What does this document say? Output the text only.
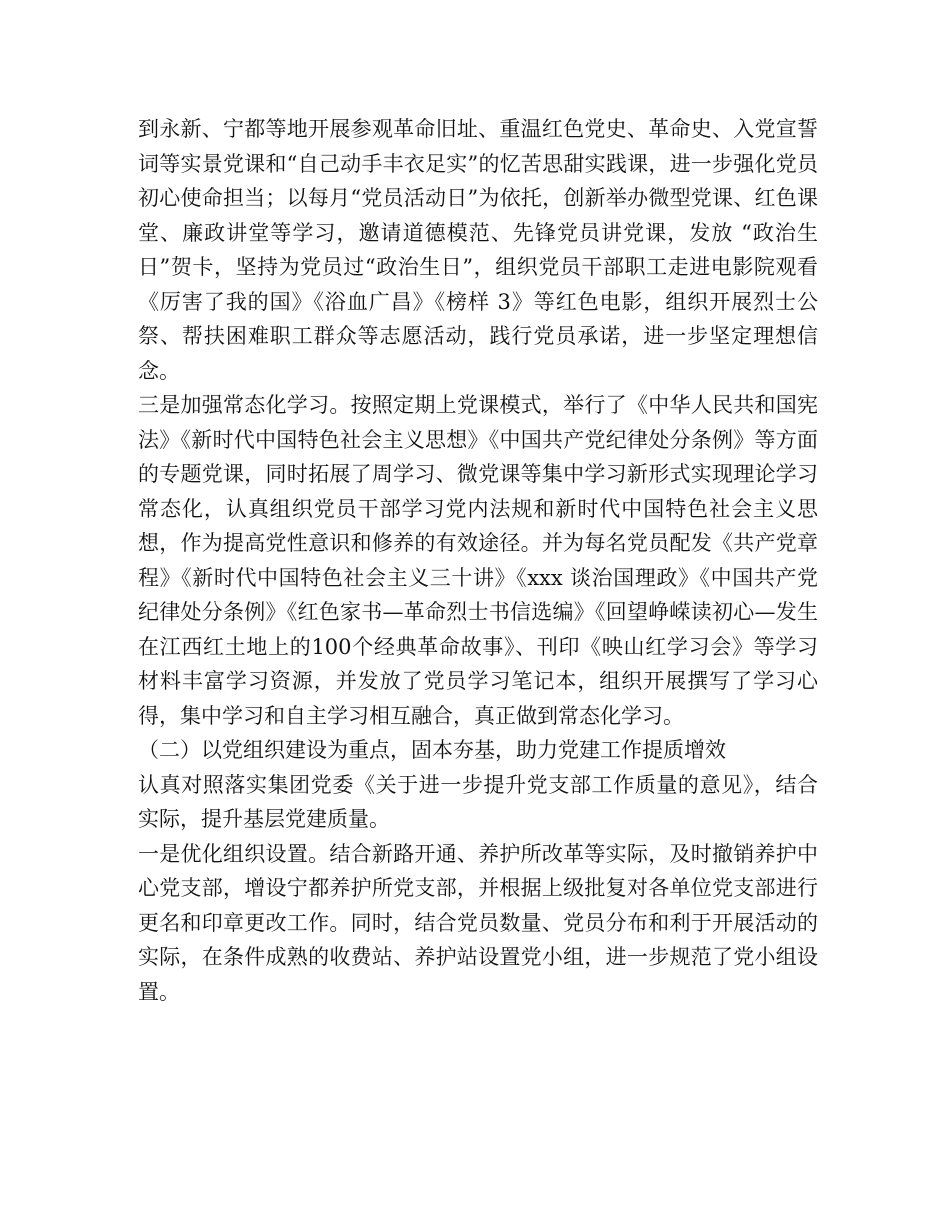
到永新、宁都等地开展参观革命旧址、重温红色党史、革命史、入党宣誓词等实景党课和“自己动手丰衣足实”的忆苦思甜实践课，进一步强化党员初心使命担当；以每月“党员活动日”为依托，创新举办微型党课、红色课堂、廉政讲堂等学习，邀请道德模范、先锋党员讲党课，发放 “政治生日”贺卡，坚持为党员过“政治生日”，组织党员干部职工走进电影院观看《厉害了我的国》《浴血广昌》《榜样 3》等红色电影，组织开展烈士公祭、帮扶困难职工群众等志愿活动，践行党员承诺，进一步坚定理想信念。

三是加强常态化学习。按照定期上党课模式，举行了《中华人民共和国宪法》《新时代中国特色社会主义思想》《中国共产党纪律处分条例》等方面的专题党课，同时拓展了周学习、微党课等集中学习新形式实现理论学习常态化，认真组织党员干部学习党内法规和新时代中国特色社会主义思想，作为提高党性意识和修养的有效途径。并为每名党员配发《共产党章程》《新时代中国特色社会主义三十讲》《xxx 谈治国理政》《中国共产党纪律处分条例》《红色家书—革命烈士书信选编》《回望峥嵘读初心—发生在江西红土地上的100个经典革命故事》、刊印《映山红学习会》等学习材料丰富学习资源，并发放了党员学习笔记本，组织开展撰写了学习心得，集中学习和自主学习相互融合，真正做到常态化学习。

（二）以党组织建设为重点，固本夯基，助力党建工作提质增效

认真对照落实集团党委《关于进一步提升党支部工作质量的意见》，结合实际，提升基层党建质量。

一是优化组织设置。结合新路开通、养护所改革等实际，及时撤销养护中心党支部，增设宁都养护所党支部，并根据上级批复对各单位党支部进行更名和印章更改工作。同时，结合党员数量、党员分布和利于开展活动的实际，在条件成熟的收费站、养护站设置党小组，进一步规范了党小组设置。
